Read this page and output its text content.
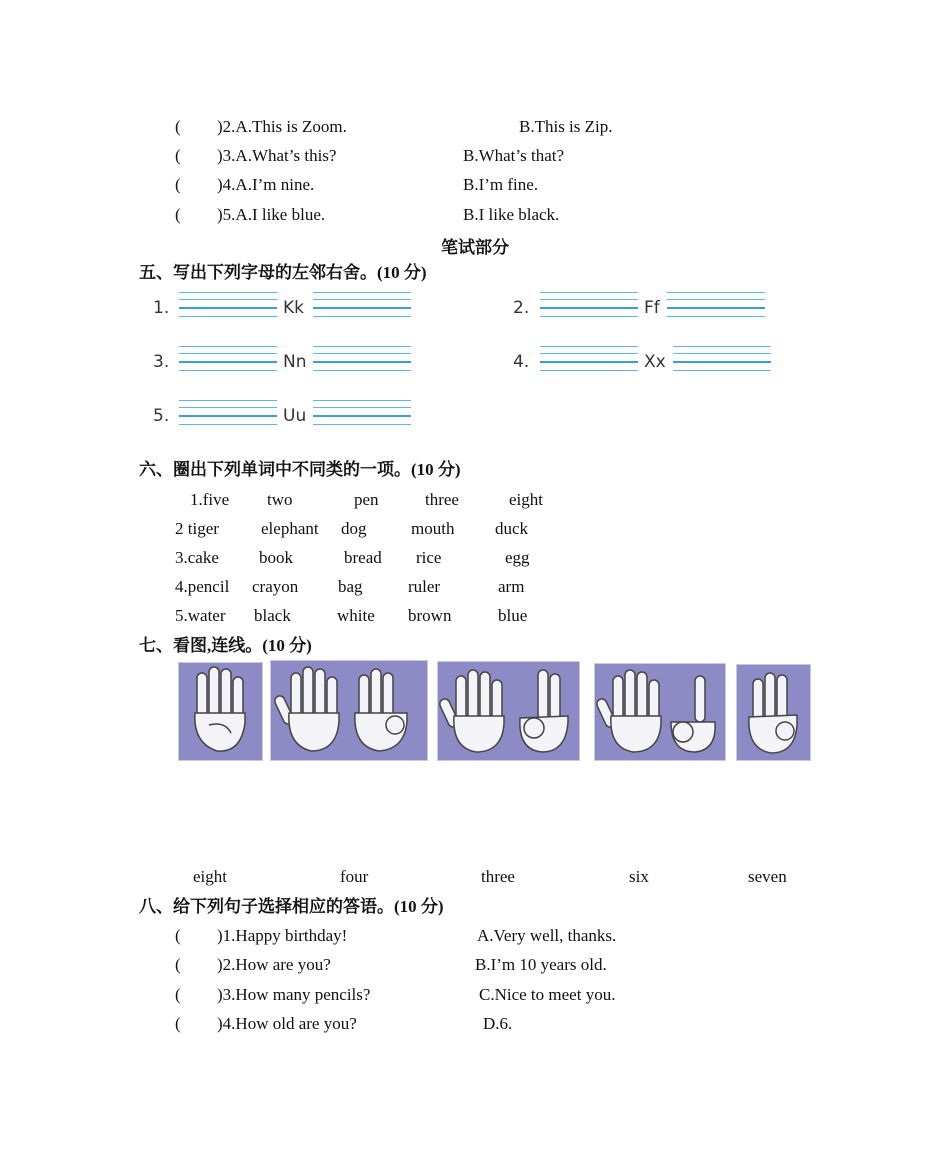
( )2.A.This is Zoom.	B.This is Zip.
( )3.A.What’s this?	B.What’s that?
( )4.A.I’m nine.	B.I’m fine.
( )5.A.I like blue.	B.I like black.
笔试部分
五、写出下列字母的左邻右舍。(10 分)
1.	Kk	2.	Ff
3.	Nn	4.	Xx
5.	Uu
六、圈出下列单词中不同类的一项。(10 分)
1.five two	pen	three	eight
2 tiger elephant dog	mouth duck
3.cake book	bread rice	egg
4.pencil crayon bag	ruler	arm
5.water black	white brown	blue
七、看图,连线。(10 分)
eight	four	three	six	seven
八、给下列句子选择相应的答语。(10 分)
( )1.Happy birthday!	A.Very well, thanks.
( )2.How are you?	B.I’m 10 years old.
( )3.How many pencils?	C.Nice to meet you.
( )4.How old are you?	D.6.
